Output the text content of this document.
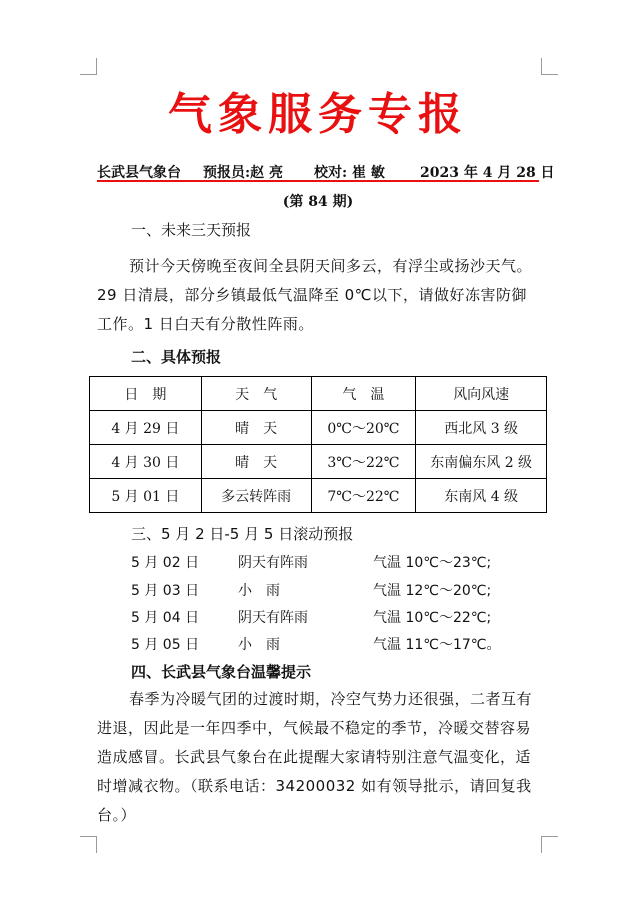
气象服务专报
长武县气象台 预报员:赵 亮 校对: 崔 敏	2023 年 4 月 28 日
(第 84 期)
一、未来三天预报
预计今天傍晚至夜间全县阴天间多云，有浮尘或扬沙天气。29 日清晨，部分乡镇最低气温降至 0℃以下，请做好冻害防御工作。1 日白天有分散性阵雨。
二、具体预报
日　期	天　气	气　温	风向风速
4 月 29 日	晴　天	0℃～20℃	西北风 3 级
4 月 30 日	晴　天	3℃～22℃	东南偏东风 2 级
5 月 01 日	多云转阵雨	7℃～22℃	东南风 4 级
三、5 月 2 日-5 月 5 日滚动预报
5 月 02 日	阴天有阵雨	气温 10℃～23℃;
5 月 03 日	小　雨	气温 12℃～20℃;
5 月 04 日	阴天有阵雨	气温 10℃～22℃;
5 月 05 日	小　雨	气温 11℃～17℃。
四、长武县气象台温馨提示
春季为冷暖气团的过渡时期，冷空气势力还很强，二者互有进退，因此是一年四季中，气候最不稳定的季节，冷暖交替容易造成感冒。长武县气象台在此提醒大家请特别注意气温变化，适时增减衣物。（联系电话：34200032 如有领导批示，请回复我台。）
